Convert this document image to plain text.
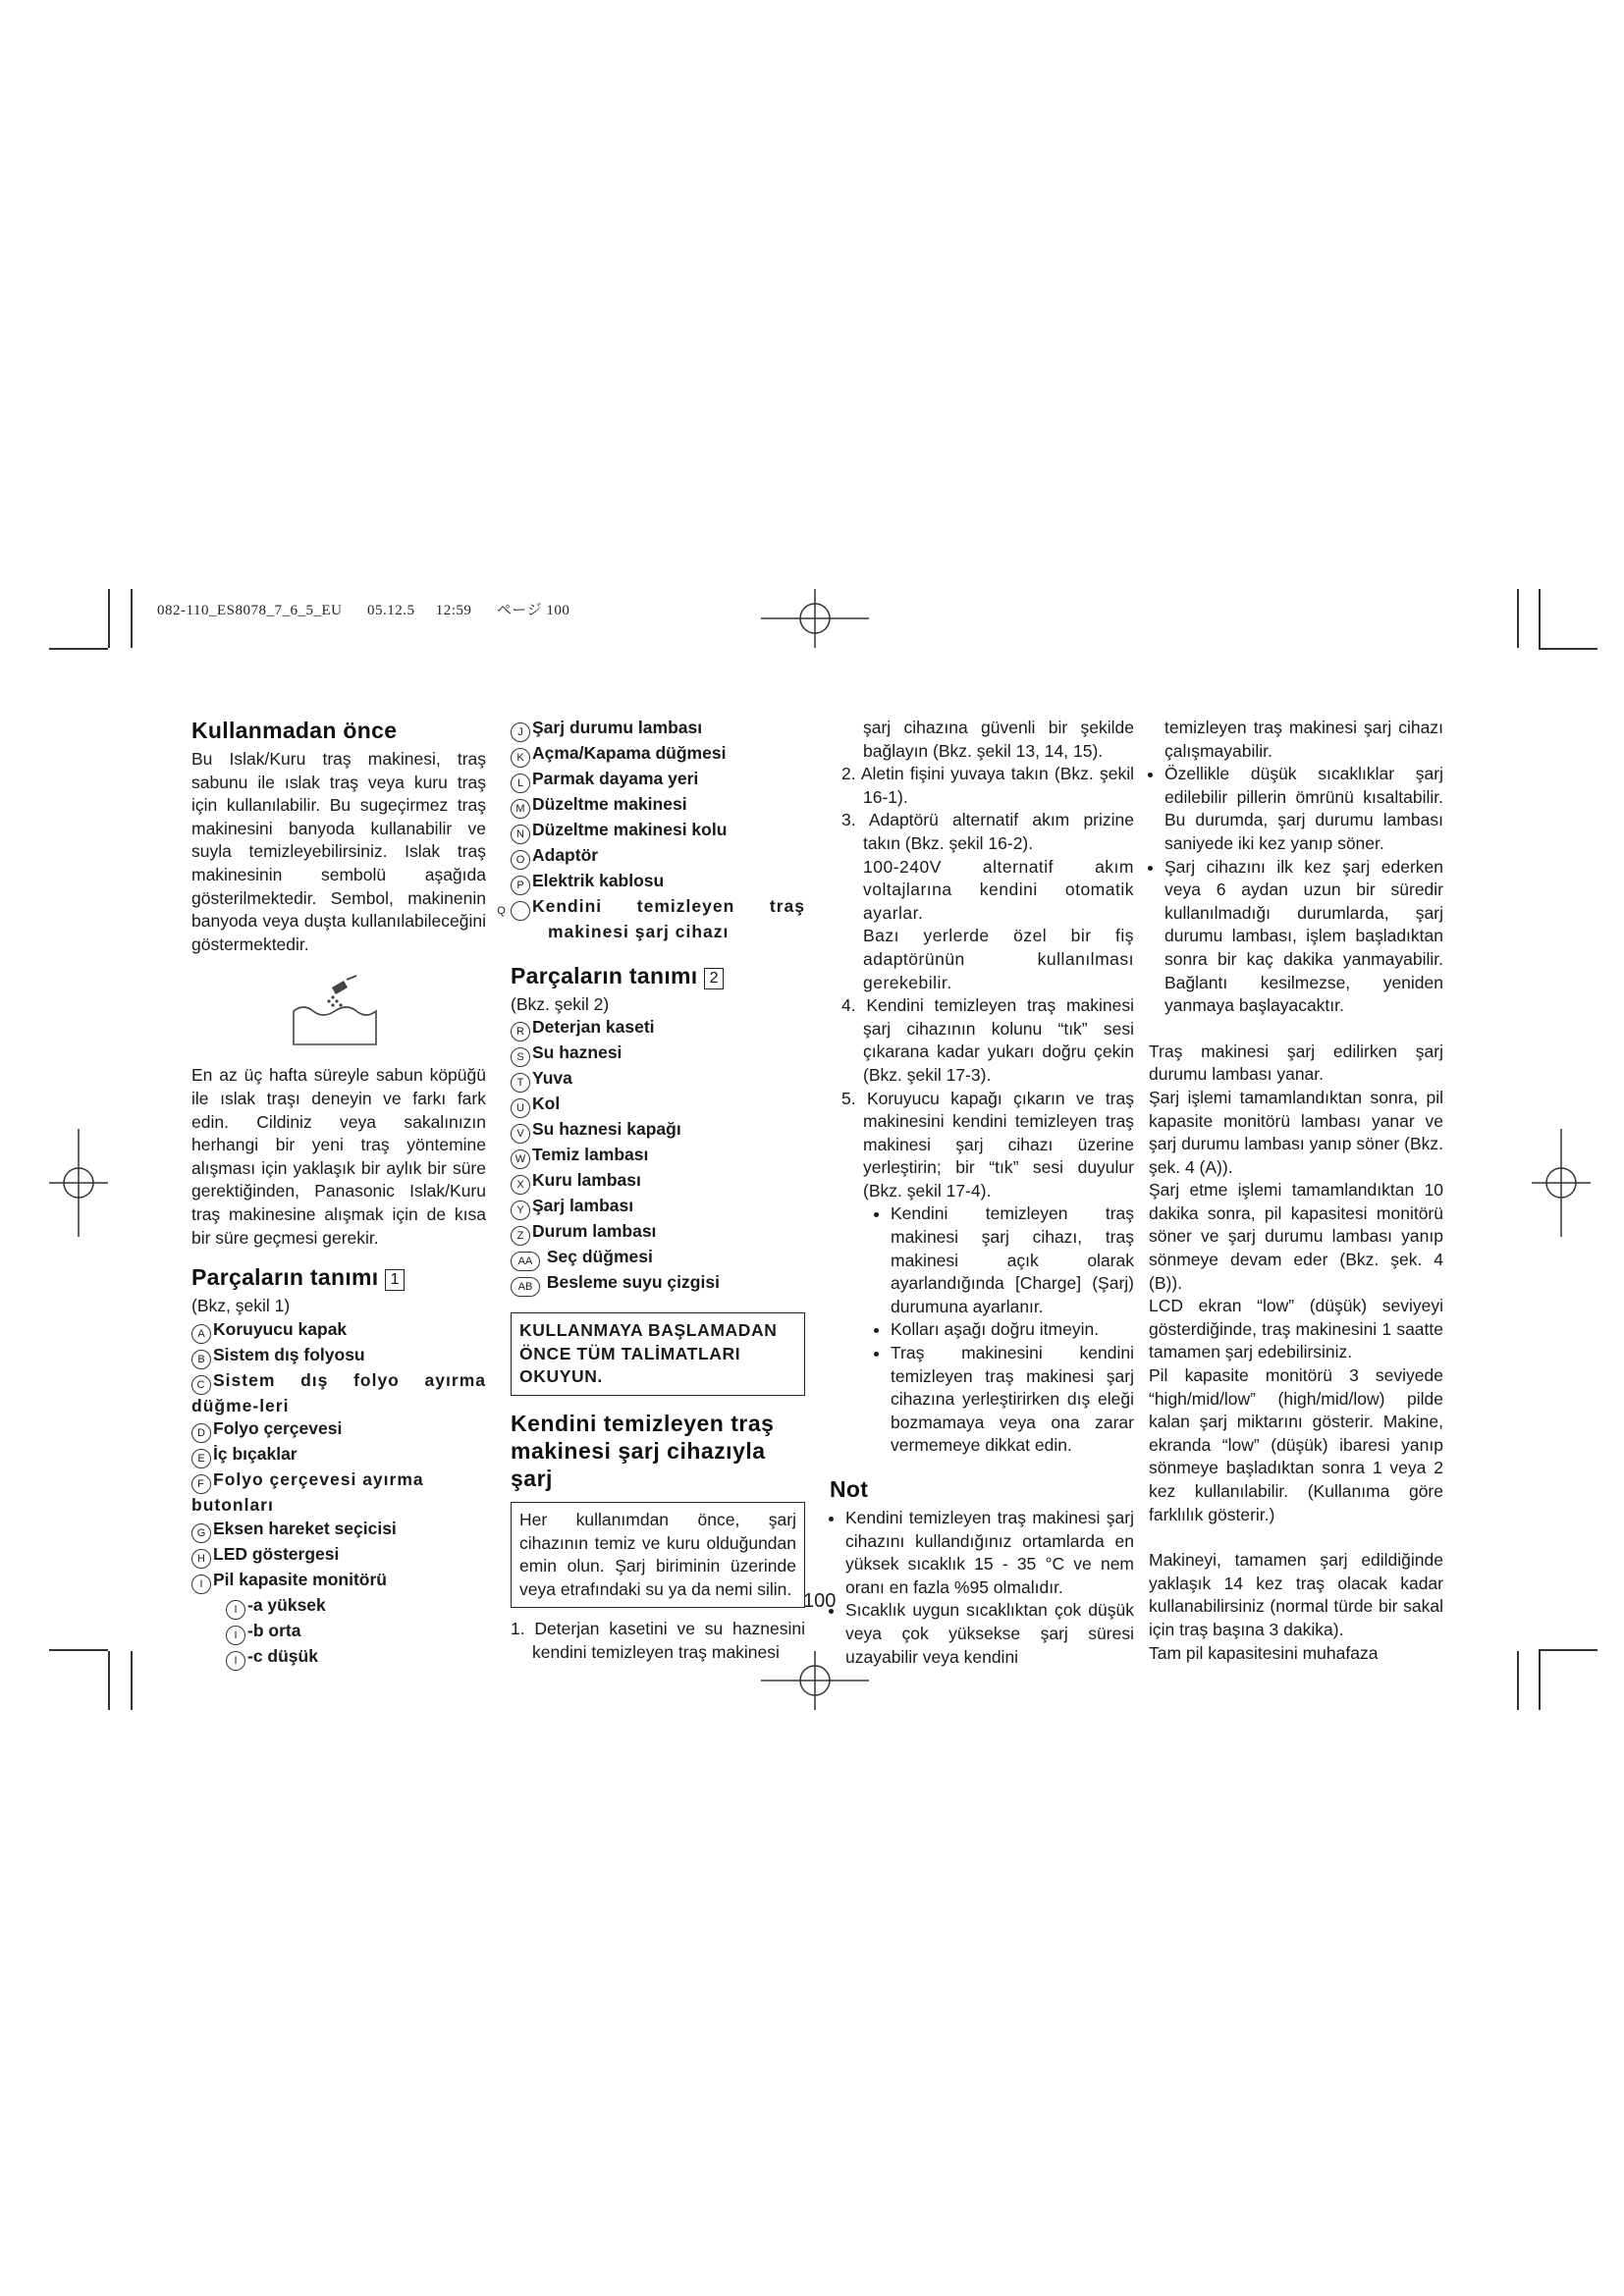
082-110_ES8078_7_6_5_EU 05.12.5 12:59 ページ 100
Kullanmadan önce

Bu Islak/Kuru traş makinesi, traş sabunu ile ıslak traş veya kuru traş için kullanılabilir. Bu sugeçirmez traş makinesini banyoda kullanabilir ve suyla temizleyebilirsiniz. Islak traş makinesinin sembolü aşağıda gösterilmektedir. Sembol, makinenin banyoda veya duşta kullanılabileceğini göstermektedir.

En az üç hafta süreyle sabun köpüğü ile ıslak traşı deneyin ve farkı fark edin. Cildiniz veya sakalınızın herhangi bir yeni traş yöntemine alışması için yaklaşık bir aylık bir süre gerektiğinden, Panasonic Islak/Kuru traş makinesine alışmak için de kısa bir süre geçmesi gerekir.

Parçaların tanımı 1

(Bkz, şekil 1)

A Koruyucu kapak
B Sistem dış folyosu
C Sistem dış folyo ayırma düğme-leri
D Folyo çerçevesi
E İç bıçaklar
F Folyo çerçevesi ayırma butonları
G Eksen hareket seçicisi
H LED göstergesi
I Pil kapasite monitörü
I -a yüksek
I -b orta
I -c düşük
J Şarj durumu lambası
K Açma/Kapama düğmesi
L Parmak dayama yeri
M Düzeltme makinesi
N Düzeltme makinesi kolu
O Adaptör
P Elektrik kablosu
Q Kendini temizleyen traş makinesi şarj cihazı
Parçaların tanımı 2

(Bkz. şekil 2)

R Deterjan kaseti
S Su haznesi
T Yuva
U Kol
V Su haznesi kapağı
W Temiz lambası
X Kuru lambası
Y Şarj lambası
Z Durum lambası
AA Seç düğmesi
AB Besleme suyu çizgisi
KULLANMAYA BAŞLAMADAN ÖNCE TÜM TALİMATLARI OKUYUN.
Kendini temizleyen traş makinesi şarj cihazıyla şarj

Her kullanımdan önce, şarj cihazının temiz ve kuru olduğundan emin olun. Şarj biriminin üzerinde veya etrafındaki su ya da nemi silin.

1. Deterjan kasetini ve su haznesini kendini temizleyen traş makinesi

şarj cihazına güvenli bir şekilde bağlayın (Bkz. şekil 13, 14, 15).

2. Aletin fişini yuvaya takın (Bkz. şekil 16-1).

3. Adaptörü alternatif akım prizine takın (Bkz. şekil 16-2).

100-240V alternatif akım voltajlarına kendini otomatik ayarlar.

Bazı yerlerde özel bir fiş adaptörünün kullanılması gerekebilir.

4. Kendini temizleyen traş makinesi şarj cihazının kolunu “tık” sesi çıkarana kadar yukarı doğru çekin (Bkz. şekil 17-3).

5. Koruyucu kapağı çıkarın ve traş makinesini kendini temizleyen traş makinesi şarj cihazı üzerine yerleştirin; bir “tık” sesi duyulur (Bkz. şekil 17-4).

• Kendini temizleyen traş makinesi şarj cihazı, traş makinesi açık olarak ayarlandığında [Charge] (Şarj) durumuna ayarlanır.
• Kolları aşağı doğru itmeyin.
• Traş makinesini kendini temizleyen traş makinesi şarj cihazına yerleştirirken dış eleği bozmamaya veya ona zarar vermemeye dikkat edin.
Not
• Kendini temizleyen traş makinesi şarj cihazını kullandığınız ortamlarda en yüksek sıcaklık 15 - 35 °C ve nem oranı en fazla %95 olmalıdır.
• Sıcaklık uygun sıcaklıktan çok düşük veya çok yüksekse şarj süresi uzayabilir veya kendini

temizleyen traş makinesi şarj cihazı çalışmayabilir.

• Özellikle düşük sıcaklıklar şarj edilebilir pillerin ömrünü kısaltabilir. Bu durumda, şarj durumu lambası saniyede iki kez yanıp söner.
• Şarj cihazını ilk kez şarj ederken veya 6 aydan uzun bir süredir kullanılmadığı durumlarda, şarj durumu lambası, işlem başladıktan sonra bir kaç dakika yanmayabilir. Bağlantı kesilmezse, yeniden yanmaya başlayacaktır.

Traş makinesi şarj edilirken şarj durumu lambası yanar.

Şarj işlemi tamamlandıktan sonra, pil kapasite monitörü lambası yanar ve şarj durumu lambası yanıp söner (Bkz. şek. 4 (A)).

Şarj etme işlemi tamamlandıktan 10 dakika sonra, pil kapasitesi monitörü söner ve şarj durumu lambası yanıp sönmeye devam eder (Bkz. şek. 4 (B)).

LCD ekran “low” (düşük) seviyeyi gösterdiğinde, traş makinesini 1 saatte tamamen şarj edebilirsiniz.

Pil kapasite monitörü 3 seviyede “high/mid/low” (high/mid/low) pilde kalan şarj miktarını gösterir. Makine, ekranda “low” (düşük) ibaresi yanıp sönmeye başladıktan sonra 1 veya 2 kez kullanılabilir. (Kullanıma göre farklılık gösterir.)

Makineyi, tamamen şarj edildiğinde yaklaşık 14 kez traş olacak kadar kullanabilirsiniz (normal türde bir sakal için traş başına 3 dakika).

Tam pil kapasitesini muhafaza

100
